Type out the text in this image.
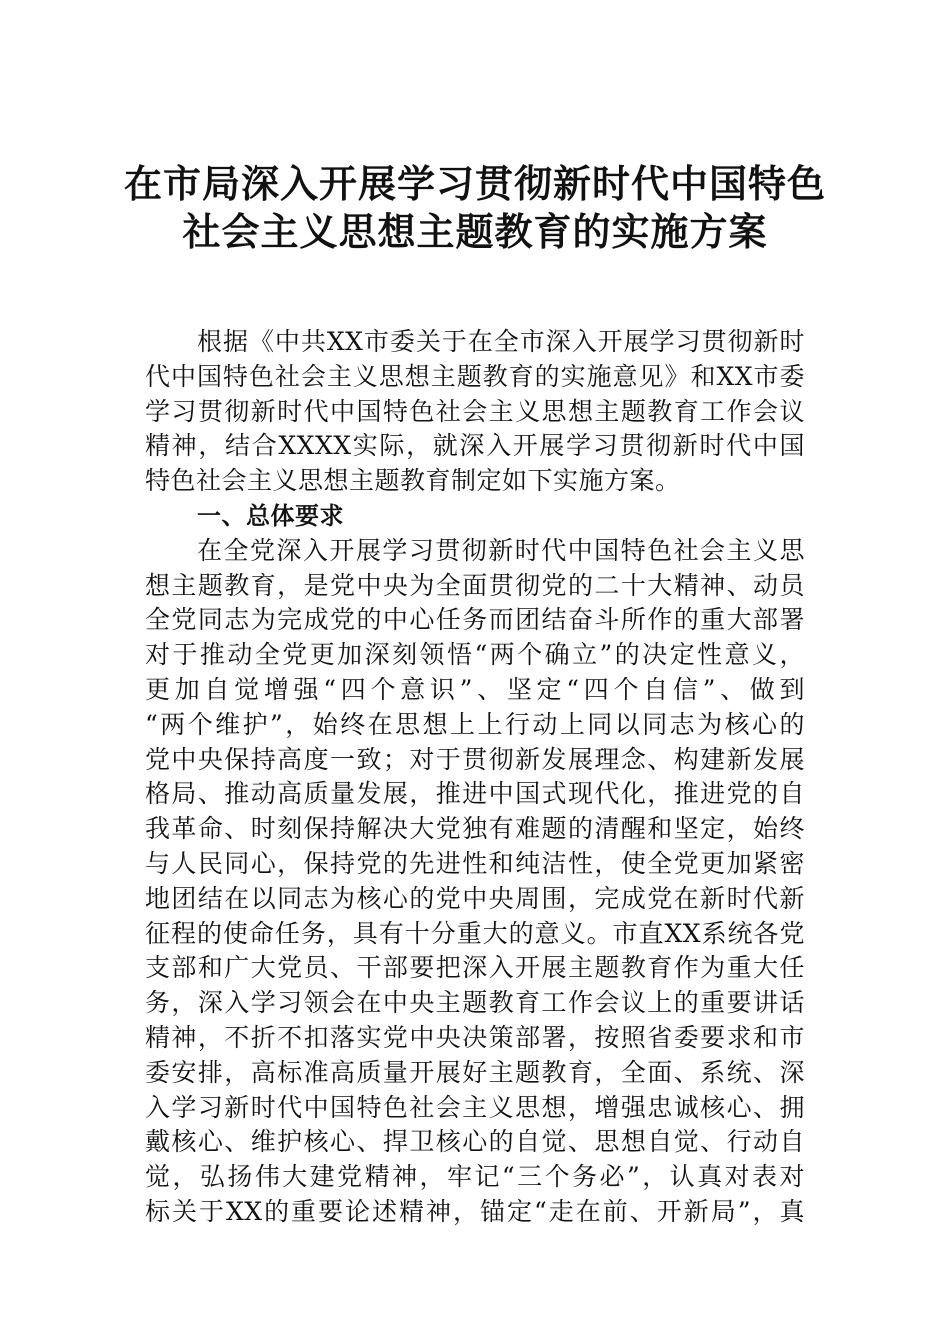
在市局深入开展学习贯彻新时代中国特色
社会主义思想主题教育的实施方案
根据《中共XX市委关于在全市深入开展学习贯彻新时
代中国特色社会主义思想主题教育的实施意见》和XX市委
学习贯彻新时代中国特色社会主义思想主题教育工作会议
精神，结合XXXX实际，就深入开展学习贯彻新时代中国
特色社会主义思想主题教育制定如下实施方案。
一、总体要求
在全党深入开展学习贯彻新时代中国特色社会主义思
想主题教育，是党中央为全面贯彻党的二十大精神、动员
全党同志为完成党的中心任务而团结奋斗所作的重大部署
对于推动全党更加深刻领悟“两个确立”的决定性意义，
更加自觉增强“四个意识”、坚定“四个自信”、做到
“两个维护”，始终在思想上上行动上同以同志为核心的
党中央保持高度一致；对于贯彻新发展理念、构建新发展
格局、推动高质量发展，推进中国式现代化，推进党的自
我革命、时刻保持解决大党独有难题的清醒和坚定，始终
与人民同心，保持党的先进性和纯洁性，使全党更加紧密
地团结在以同志为核心的党中央周围，完成党在新时代新
征程的使命任务，具有十分重大的意义。市直XX系统各党
支部和广大党员、干部要把深入开展主题教育作为重大任
务，深入学习领会在中央主题教育工作会议上的重要讲话
精神，不折不扣落实党中央决策部署，按照省委要求和市
委安排，高标准高质量开展好主题教育，全面、系统、深
入学习新时代中国特色社会主义思想，增强忠诚核心、拥
戴核心、维护核心、捍卫核心的自觉、思想自觉、行动自
觉，弘扬伟大建党精神，牢记“三个务必”，认真对表对
标关于XX的重要论述精神，锚定“走在前、开新局”，真
